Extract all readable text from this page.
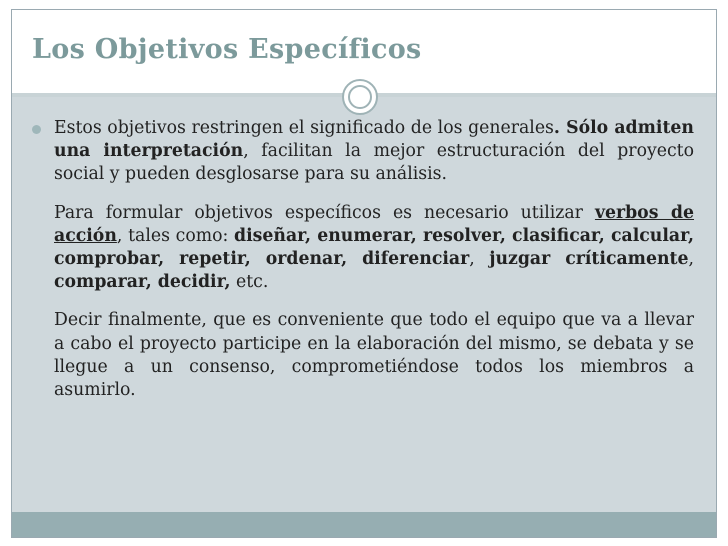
Los Objetivos Específicos

Estos objetivos restringen el significado de los generales. Sólo admiten una interpretación, facilitan la mejor estructuración del proyecto social y pueden desglosarse para su análisis.

Para formular objetivos específicos es necesario utilizar verbos de acción, tales como: diseñar, enumerar, resolver, clasificar, calcular, comprobar, repetir, ordenar, diferenciar, juzgar críticamente, comparar, decidir, etc.

Decir finalmente, que es conveniente que todo el equipo que va a llevar a cabo el proyecto participe en la elaboración del mismo, se debata y se llegue a un consenso, comprometiéndose todos los miembros a asumirlo.
